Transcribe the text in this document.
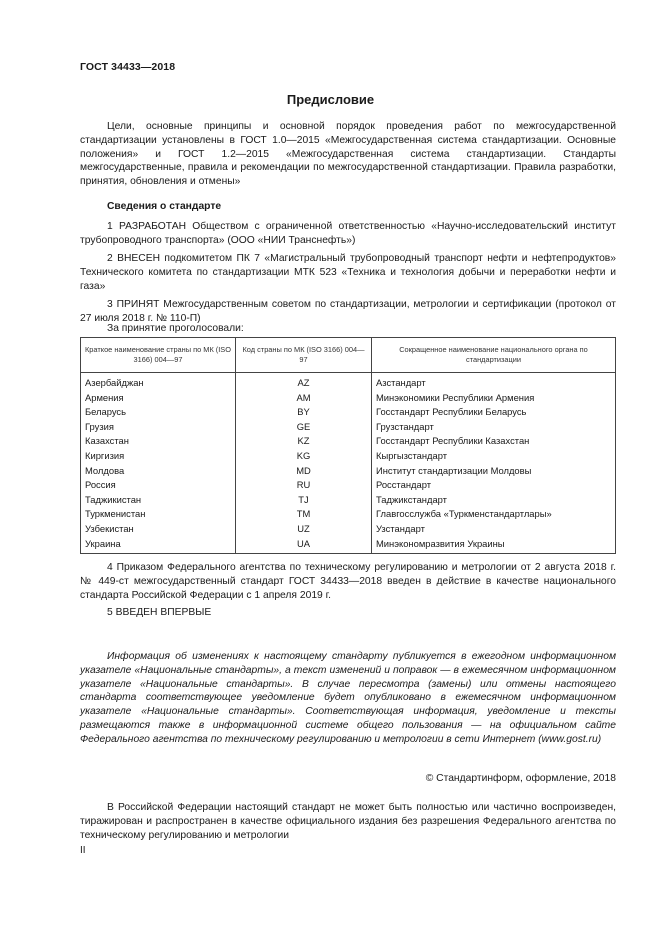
ГОСТ 34433—2018
Предисловие
Цели, основные принципы и основной порядок проведения работ по межгосударственной стандартизации установлены в ГОСТ 1.0—2015 «Межгосударственная система стандартизации. Основные положения» и ГОСТ 1.2—2015 «Межгосударственная система стандартизации. Стандарты межгосударственные, правила и рекомендации по межгосударственной стандартизации. Правила разработки, принятия, обновления и отмены»
Сведения о стандарте
1 РАЗРАБОТАН Обществом с ограниченной ответственностью «Научно-исследовательский институт трубопроводного транспорта» (ООО «НИИ Транснефть»)
2 ВНЕСЕН подкомитетом ПК 7 «Магистральный трубопроводный транспорт нефти и нефтепродуктов» Технического комитета по стандартизации МТК 523 «Техника и технология добычи и переработки нефти и газа»
3 ПРИНЯТ Межгосударственным советом по стандартизации, метрологии и сертификации (протокол от 27 июля 2018 г. № 110-П)
За принятие проголосовали:
Краткое наименование страны по МК (ISO 3166) 004—97	Код страны по МК (ISO 3166) 004—97	Сокращенное наименование национального органа по стандартизации
Азербайджан	AZ	Азстандарт
Армения	AM	Минэкономики Республики Армения
Беларусь	BY	Госстандарт Республики Беларусь
Грузия	GE	Грузстандарт
Казахстан	KZ	Госстандарт Республики Казахстан
Киргизия	KG	Кыргызстандарт
Молдова	MD	Институт стандартизации Молдовы
Россия	RU	Росстандарт
Таджикистан	TJ	Таджикстандарт
Туркменистан	TM	Главгосслужба «Туркменстандартлары»
Узбекистан	UZ	Узстандарт
Украина	UA	Минэкономразвития Украины
4 Приказом Федерального агентства по техническому регулированию и метрологии от 2 августа 2018 г. № 449-ст межгосударственный стандарт ГОСТ 34433—2018 введен в действие в качестве национального стандарта Российской Федерации с 1 апреля 2019 г.
5 ВВЕДЕН ВПЕРВЫЕ
Информация об изменениях к настоящему стандарту публикуется в ежегодном информационном указателе «Национальные стандарты», а текст изменений и поправок — в ежемесячном информационном указателе «Национальные стандарты». В случае пересмотра (замены) или отмены настоящего стандарта соответствующее уведомление будет опубликовано в ежемесячном информационном указателе «Национальные стандарты». Соответствующая информация, уведомление и тексты размещаются также в информационной системе общего пользования — на официальном сайте Федерального агентства по техническому регулированию и метрологии в сети Интернет (www.gost.ru)
© Стандартинформ, оформление, 2018
В Российской Федерации настоящий стандарт не может быть полностью или частично воспроизведен, тиражирован и распространен в качестве официального издания без разрешения Федерального агентства по техническому регулированию и метрологии
II
